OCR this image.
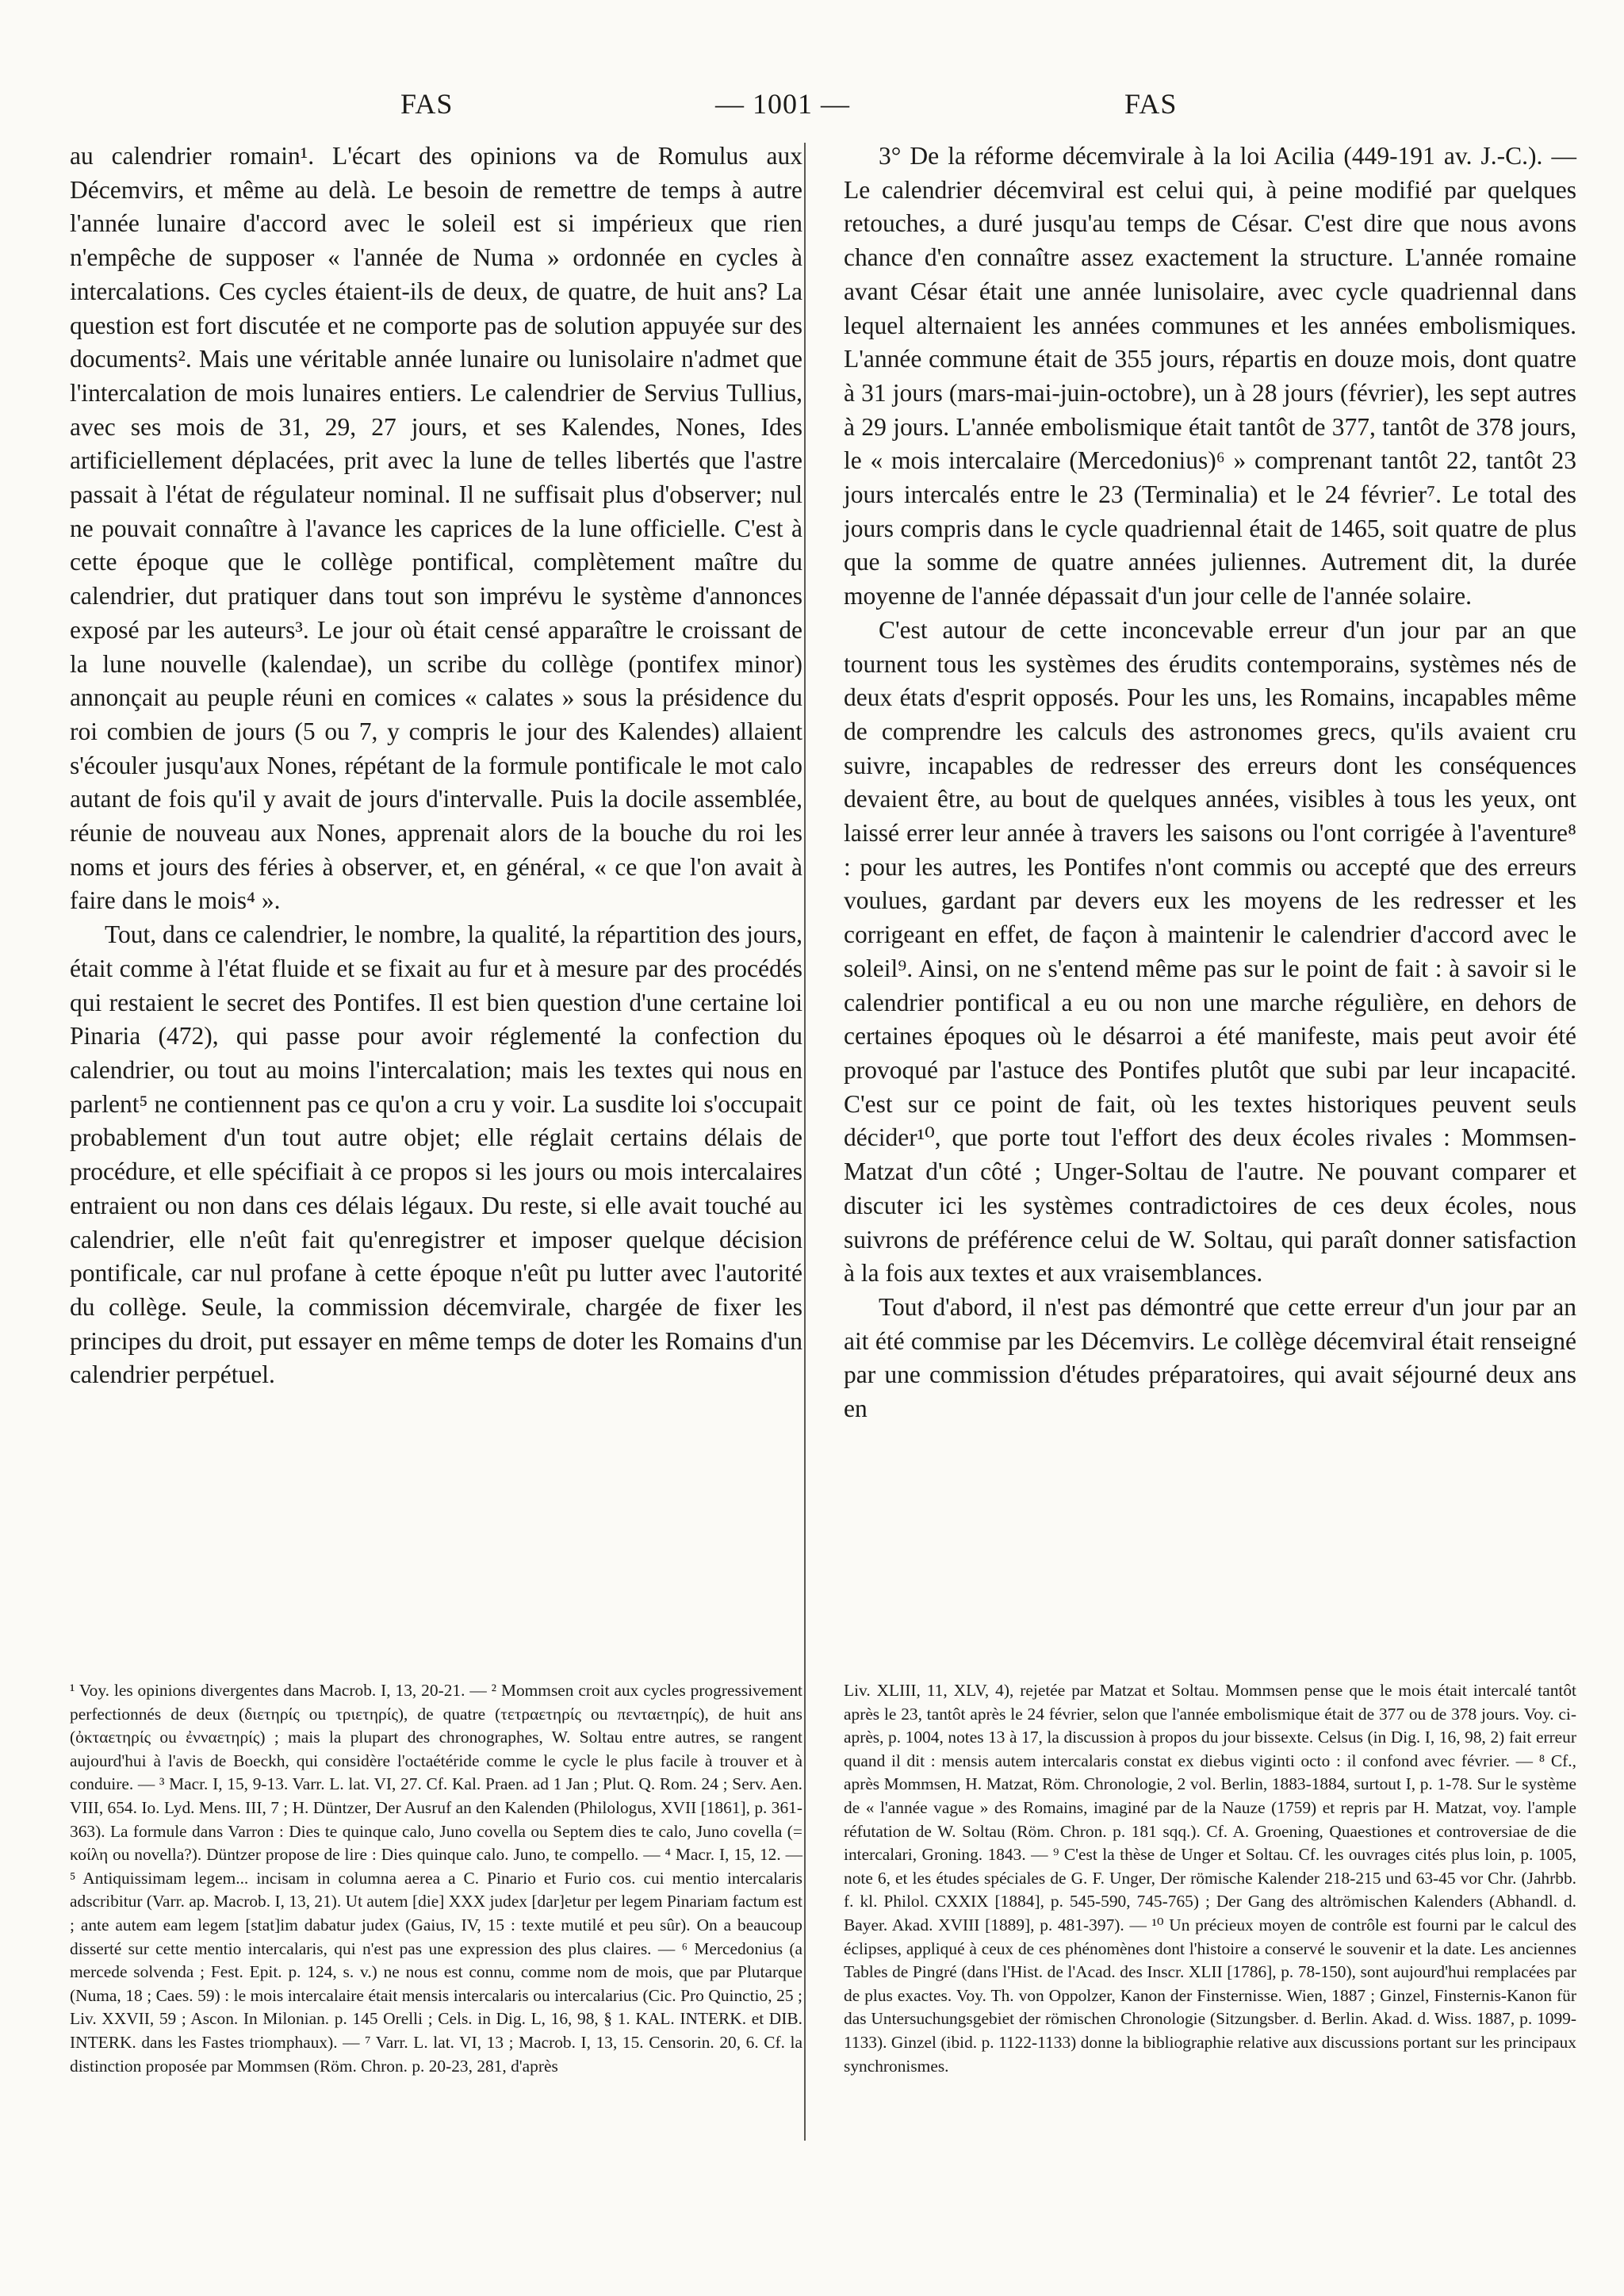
FAS	— 1001 —	FAS

au calendrier romain¹. L'écart des opinions va de Romulus aux Décemvirs, et même au delà. Le besoin de remettre de temps à autre l'année lunaire d'accord avec le soleil est si impérieux que rien n'empêche de supposer « l'année de Numa » ordonnée en cycles à intercalations. Ces cycles étaient-ils de deux, de quatre, de huit ans? La question est fort discutée et ne comporte pas de solution appuyée sur des documents². Mais une véritable année lunaire ou lunisolaire n'admet que l'intercalation de mois lunaires entiers. Le calendrier de Servius Tullius, avec ses mois de 31, 29, 27 jours, et ses Kalendes, Nones, Ides artificiellement déplacées, prit avec la lune de telles libertés que l'astre passait à l'état de régulateur nominal. Il ne suffisait plus d'observer; nul ne pouvait connaître à l'avance les caprices de la lune officielle. C'est à cette époque que le collège pontifical, complètement maître du calendrier, dut pratiquer dans tout son imprévu le système d'annonces exposé par les auteurs³. Le jour où était censé apparaître le croissant de la lune nouvelle (kalendae), un scribe du collège (pontifex minor) annonçait au peuple réuni en comices « calates » sous la présidence du roi combien de jours (5 ou 7, y compris le jour des Kalendes) allaient s'écouler jusqu'aux Nones, répétant de la formule pontificale le mot calo autant de fois qu'il y avait de jours d'intervalle. Puis la docile assemblée, réunie de nouveau aux Nones, apprenait alors de la bouche du roi les noms et jours des féries à observer, et, en général, « ce que l'on avait à faire dans le mois⁴ ».

Tout, dans ce calendrier, le nombre, la qualité, la répartition des jours, était comme à l'état fluide et se fixait au fur et à mesure par des procédés qui restaient le secret des Pontifes. Il est bien question d'une certaine loi Pinaria (472), qui passe pour avoir réglementé la confection du calendrier, ou tout au moins l'intercalation; mais les textes qui nous en parlent⁵ ne contiennent pas ce qu'on a cru y voir. La susdite loi s'occupait probablement d'un tout autre objet; elle réglait certains délais de procédure, et elle spécifiait à ce propos si les jours ou mois intercalaires entraient ou non dans ces délais légaux. Du reste, si elle avait touché au calendrier, elle n'eût fait qu'enregistrer et imposer quelque décision pontificale, car nul profane à cette époque n'eût pu lutter avec l'autorité du collège. Seule, la commission décemvirale, chargée de fixer les principes du droit, put essayer en même temps de doter les Romains d'un calendrier perpétuel.

3° De la réforme décemvirale à la loi Acilia (449-191 av. J.-C.). — Le calendrier décemviral est celui qui, à peine modifié par quelques retouches, a duré jusqu'au temps de César. C'est dire que nous avons chance d'en connaître assez exactement la structure. L'année romaine avant César était une année lunisolaire, avec cycle quadriennal dans lequel alternaient les années communes et les années embolismiques. L'année commune était de 355 jours, répartis en douze mois, dont quatre à 31 jours (mars-mai-juin-octobre), un à 28 jours (février), les sept autres à 29 jours. L'année embolismique était tantôt de 377, tantôt de 378 jours, le « mois intercalaire (Mercedonius)⁶ » comprenant tantôt 22, tantôt 23 jours intercalés entre le 23 (Terminalia) et le 24 février⁷. Le total des jours compris dans le cycle quadriennal était de 1465, soit quatre de plus que la somme de quatre années juliennes. Autrement dit, la durée moyenne de l'année dépassait d'un jour celle de l'année solaire.

C'est autour de cette inconcevable erreur d'un jour par an que tournent tous les systèmes des érudits contemporains, systèmes nés de deux états d'esprit opposés. Pour les uns, les Romains, incapables même de comprendre les calculs des astronomes grecs, qu'ils avaient cru suivre, incapables de redresser des erreurs dont les conséquences devaient être, au bout de quelques années, visibles à tous les yeux, ont laissé errer leur année à travers les saisons ou l'ont corrigée à l'aventure⁸ : pour les autres, les Pontifes n'ont commis ou accepté que des erreurs voulues, gardant par devers eux les moyens de les redresser et les corrigeant en effet, de façon à maintenir le calendrier d'accord avec le soleil⁹. Ainsi, on ne s'entend même pas sur le point de fait : à savoir si le calendrier pontifical a eu ou non une marche régulière, en dehors de certaines époques où le désarroi a été manifeste, mais peut avoir été provoqué par l'astuce des Pontifes plutôt que subi par leur incapacité. C'est sur ce point de fait, où les textes historiques peuvent seuls décider¹⁰, que porte tout l'effort des deux écoles rivales : Mommsen-Matzat d'un côté ; Unger-Soltau de l'autre. Ne pouvant comparer et discuter ici les systèmes contradictoires de ces deux écoles, nous suivrons de préférence celui de W. Soltau, qui paraît donner satisfaction à la fois aux textes et aux vraisemblances.

Tout d'abord, il n'est pas démontré que cette erreur d'un jour par an ait été commise par les Décemvirs. Le collège décemviral était renseigné par une commission d'études préparatoires, qui avait séjourné deux ans en

¹ Voy. les opinions divergentes dans Macrob. I, 13, 20-21. — ² Mommsen croit aux cycles progressivement perfectionnés de deux (διετηρίς ou τριετηρίς), de quatre (τετραετηρίς ou πενταετηρίς), de huit ans (ὀκταετηρίς ou ἐνναετηρίς) ; mais la plupart des chronographes, W. Soltau entre autres, se rangent aujourd'hui à l'avis de Boeckh, qui considère l'octaétéride comme le cycle le plus facile à trouver et à conduire. — ³ Macr. I, 15, 9-13. Varr. L. lat. VI, 27. Cf. Kal. Praen. ad 1 Jan ; Plut. Q. Rom. 24 ; Serv. Aen. VIII, 654. Io. Lyd. Mens. III, 7 ; H. Düntzer, Der Ausruf an den Kalenden (Philologus, XVII [1861], p. 361-363). La formule dans Varron : Dies te quinque calo, Juno covella ou Septem dies te calo, Juno covella (= κοίλη ou novella?). Düntzer propose de lire : Dies quinque calo. Juno, te compello. — ⁴ Macr. I, 15, 12. — ⁵ Antiquissimam legem... incisam in columna aerea a C. Pinario et Furio cos. cui mentio intercalaris adscribitur (Varr. ap. Macrob. I, 13, 21). Ut autem [die] XXX judex [dar]etur per legem Pinariam factum est ; ante autem eam legem [stat]im dabatur judex (Gaius, IV, 15 : texte mutilé et peu sûr). On a beaucoup disserté sur cette mentio intercalaris, qui n'est pas une expression des plus claires. — ⁶ Mercedonius (a mercede solvenda ; Fest. Epit. p. 124, s. v.) ne nous est connu, comme nom de mois, que par Plutarque (Numa, 18 ; Caes. 59) : le mois intercalaire était mensis intercalaris ou intercalarius (Cic. Pro Quinctio, 25 ; Liv. XXVII, 59 ; Ascon. In Milonian. p. 145 Orelli ; Cels. in Dig. L, 16, 98, § 1. KAL. INTERK. et DIB. INTERK. dans les Fastes triomphaux). — ⁷ Varr. L. lat. VI, 13 ; Macrob. I, 13, 15. Censorin. 20, 6. Cf. la distinction proposée par Mommsen (Röm. Chron. p. 20-23, 281, d'après

Liv. XLIII, 11, XLV, 4), rejetée par Matzat et Soltau. Mommsen pense que le mois était intercalé tantôt après le 23, tantôt après le 24 février, selon que l'année embolismique était de 377 ou de 378 jours. Voy. ci-après, p. 1004, notes 13 à 17, la discussion à propos du jour bissexte. Celsus (in Dig. I, 16, 98, 2) fait erreur quand il dit : mensis autem intercalaris constat ex diebus viginti octo : il confond avec février. — ⁸ Cf., après Mommsen, H. Matzat, Röm. Chronologie, 2 vol. Berlin, 1883-1884, surtout I, p. 1-78. Sur le système de « l'année vague » des Romains, imaginé par de la Nauze (1759) et repris par H. Matzat, voy. l'ample réfutation de W. Soltau (Röm. Chron. p. 181 sqq.). Cf. A. Groening, Quaestiones et controversiae de die intercalari, Groning. 1843. — ⁹ C'est la thèse de Unger et Soltau. Cf. les ouvrages cités plus loin, p. 1005, note 6, et les études spéciales de G. F. Unger, Der römische Kalender 218-215 und 63-45 vor Chr. (Jahrbb. f. kl. Philol. CXXIX [1884], p. 545-590, 745-765) ; Der Gang des altrömischen Kalenders (Abhandl. d. Bayer. Akad. XVIII [1889], p. 481-397). — ¹⁰ Un précieux moyen de contrôle est fourni par le calcul des éclipses, appliqué à ceux de ces phénomènes dont l'histoire a conservé le souvenir et la date. Les anciennes Tables de Pingré (dans l'Hist. de l'Acad. des Inscr. XLII [1786], p. 78-150), sont aujourd'hui remplacées par de plus exactes. Voy. Th. von Oppolzer, Kanon der Finsternisse. Wien, 1887 ; Ginzel, Finsternis-Kanon für das Untersuchungsgebiet der römischen Chronologie (Sitzungsber. d. Berlin. Akad. d. Wiss. 1887, p. 1099-1133). Ginzel (ibid. p. 1122-1133) donne la bibliographie relative aux discussions portant sur les principaux synchronismes.
